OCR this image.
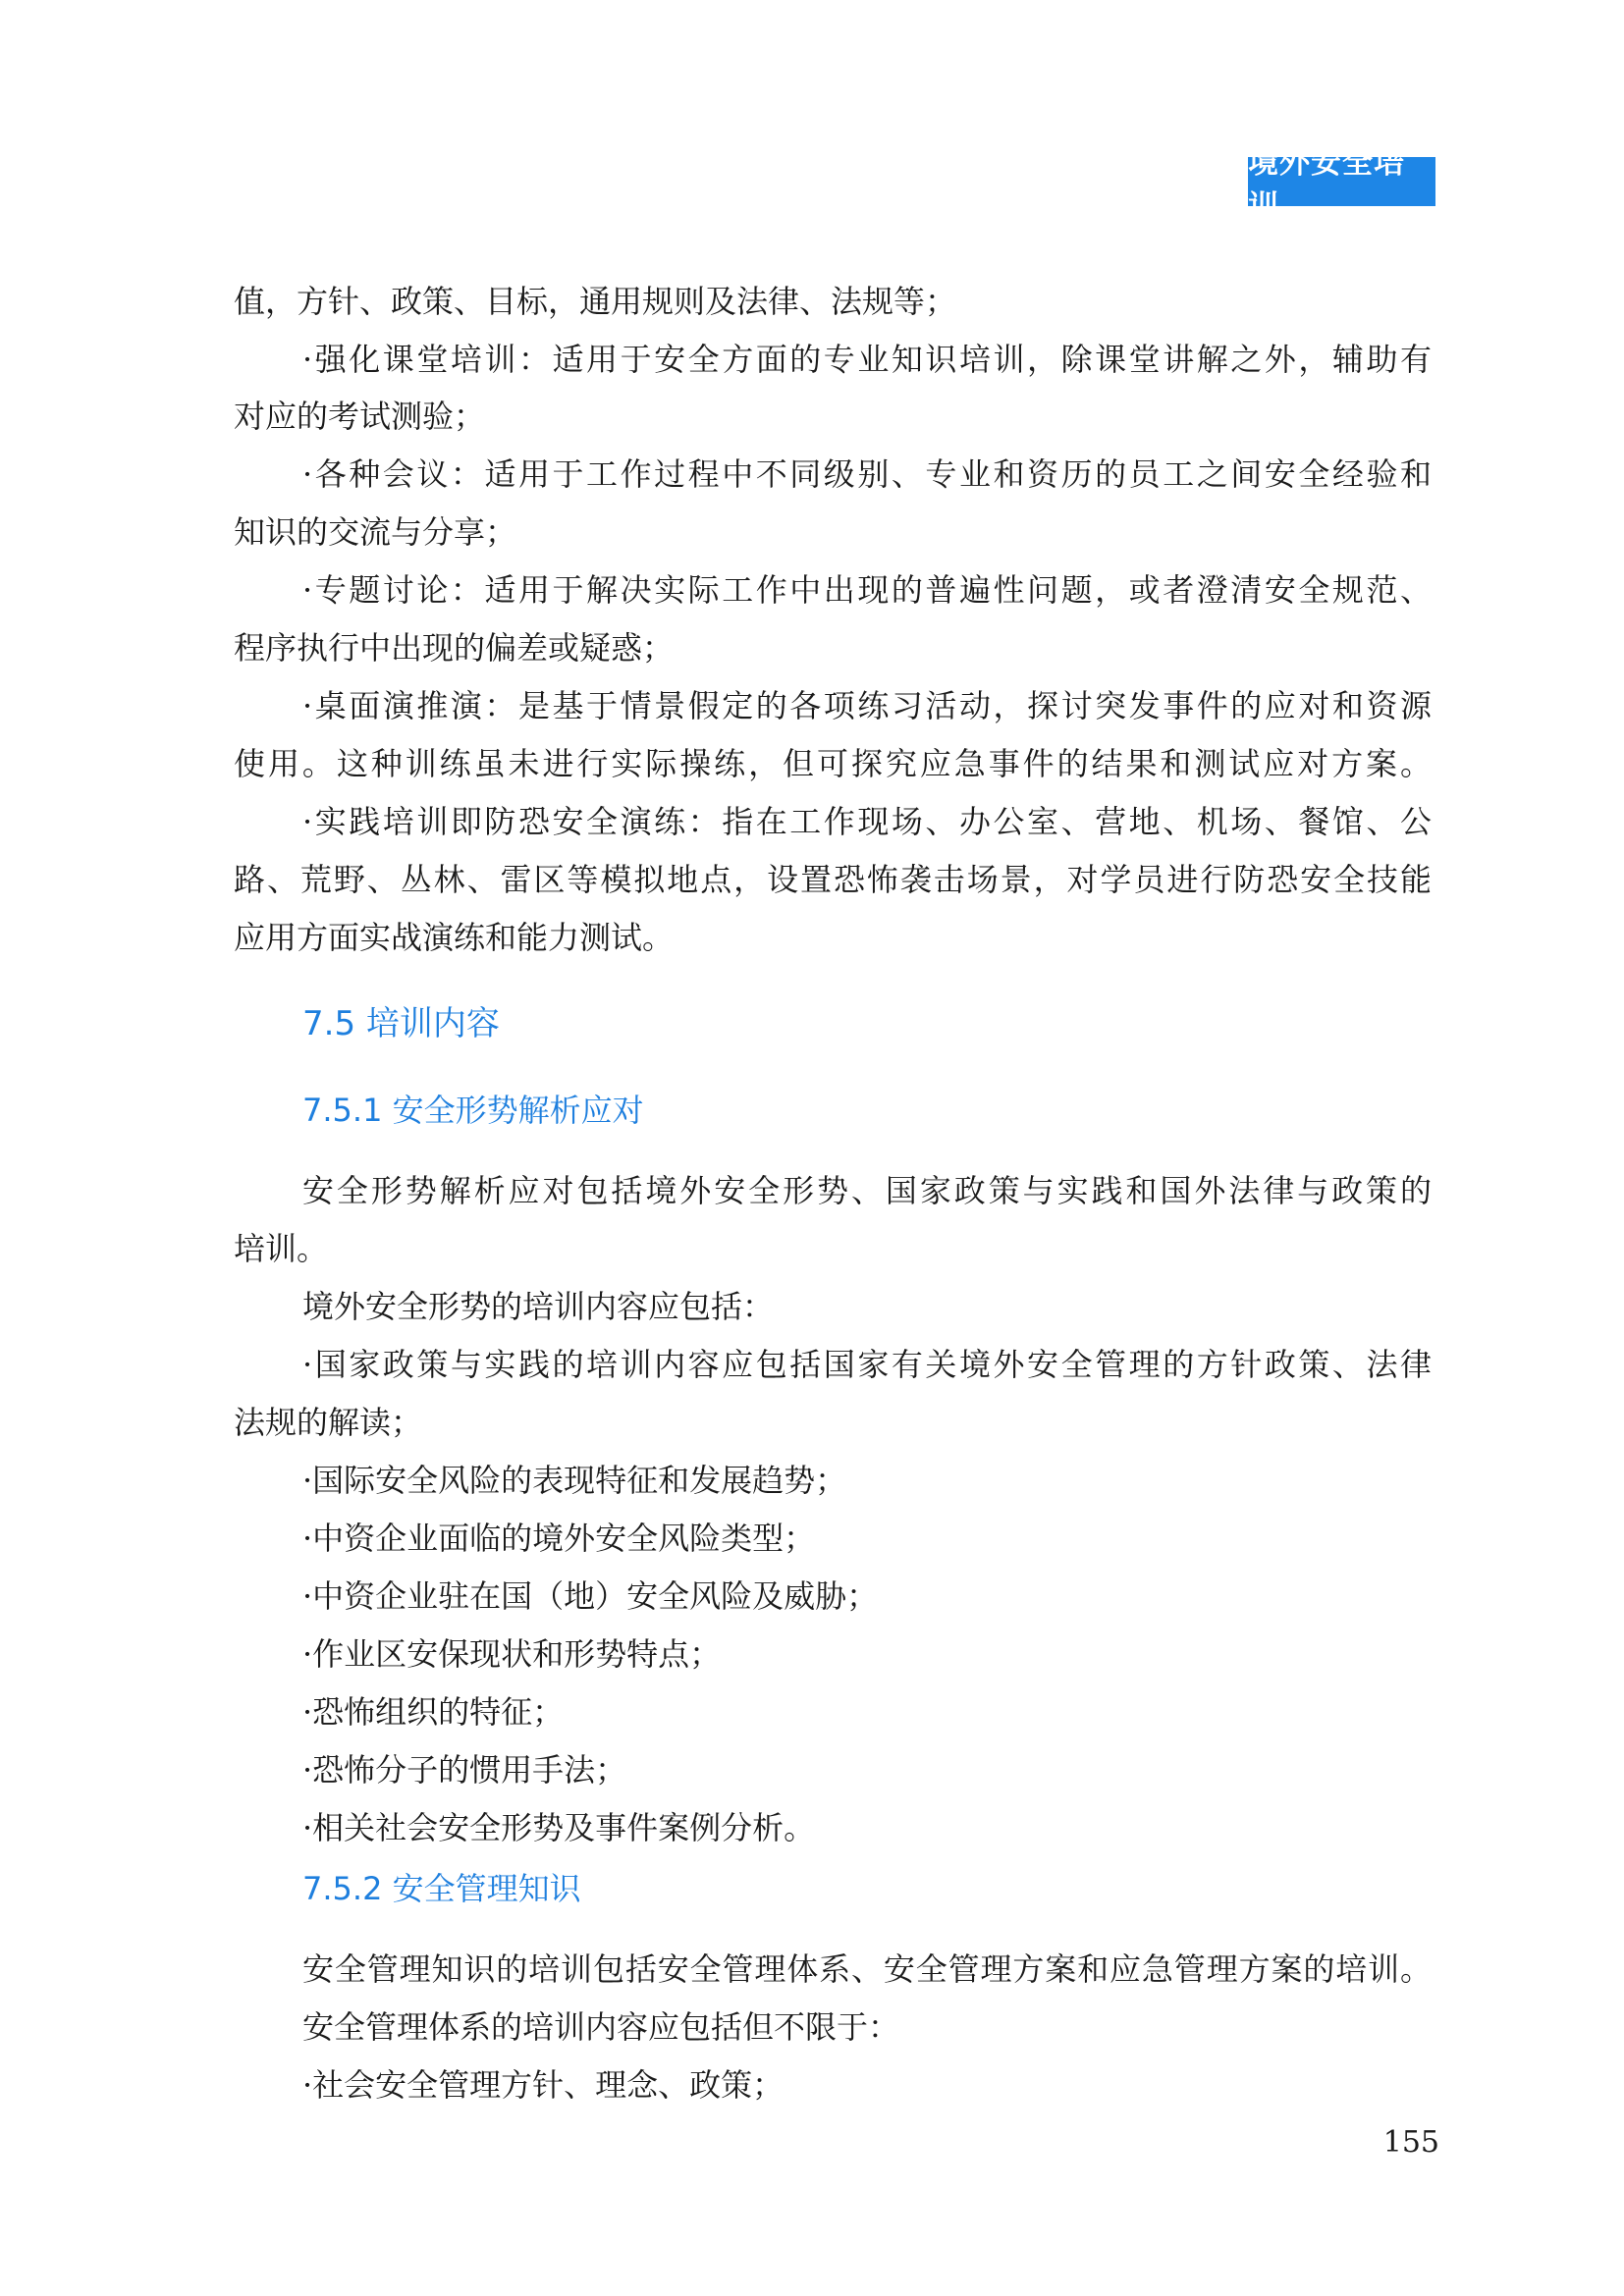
境外安全培训
值，方针、政策、目标，通用规则及法律、法规等；
·强化课堂培训：适用于安全方面的专业知识培训，除课堂讲解之外，辅助有
对应的考试测验；
·各种会议：适用于工作过程中不同级别、专业和资历的员工之间安全经验和
知识的交流与分享；
·专题讨论：适用于解决实际工作中出现的普遍性问题，或者澄清安全规范、
程序执行中出现的偏差或疑惑；
·桌面演推演：是基于情景假定的各项练习活动，探讨突发事件的应对和资源
使用。这种训练虽未进行实际操练，但可探究应急事件的结果和测试应对方案。
·实践培训即防恐安全演练：指在工作现场、办公室、营地、机场、餐馆、公
路、荒野、丛林、雷区等模拟地点，设置恐怖袭击场景，对学员进行防恐安全技能
应用方面实战演练和能力测试。
7.5 培训内容
7.5.1 安全形势解析应对
安全形势解析应对包括境外安全形势、国家政策与实践和国外法律与政策的
培训。
境外安全形势的培训内容应包括：
·国家政策与实践的培训内容应包括国家有关境外安全管理的方针政策、法律
法规的解读；
·国际安全风险的表现特征和发展趋势；
·中资企业面临的境外安全风险类型；
·中资企业驻在国（地）安全风险及威胁；
·作业区安保现状和形势特点；
·恐怖组织的特征；
·恐怖分子的惯用手法；
·相关社会安全形势及事件案例分析。
7.5.2 安全管理知识
安全管理知识的培训包括安全管理体系、安全管理方案和应急管理方案的培训。
安全管理体系的培训内容应包括但不限于：
·社会安全管理方针、理念、政策；
155
